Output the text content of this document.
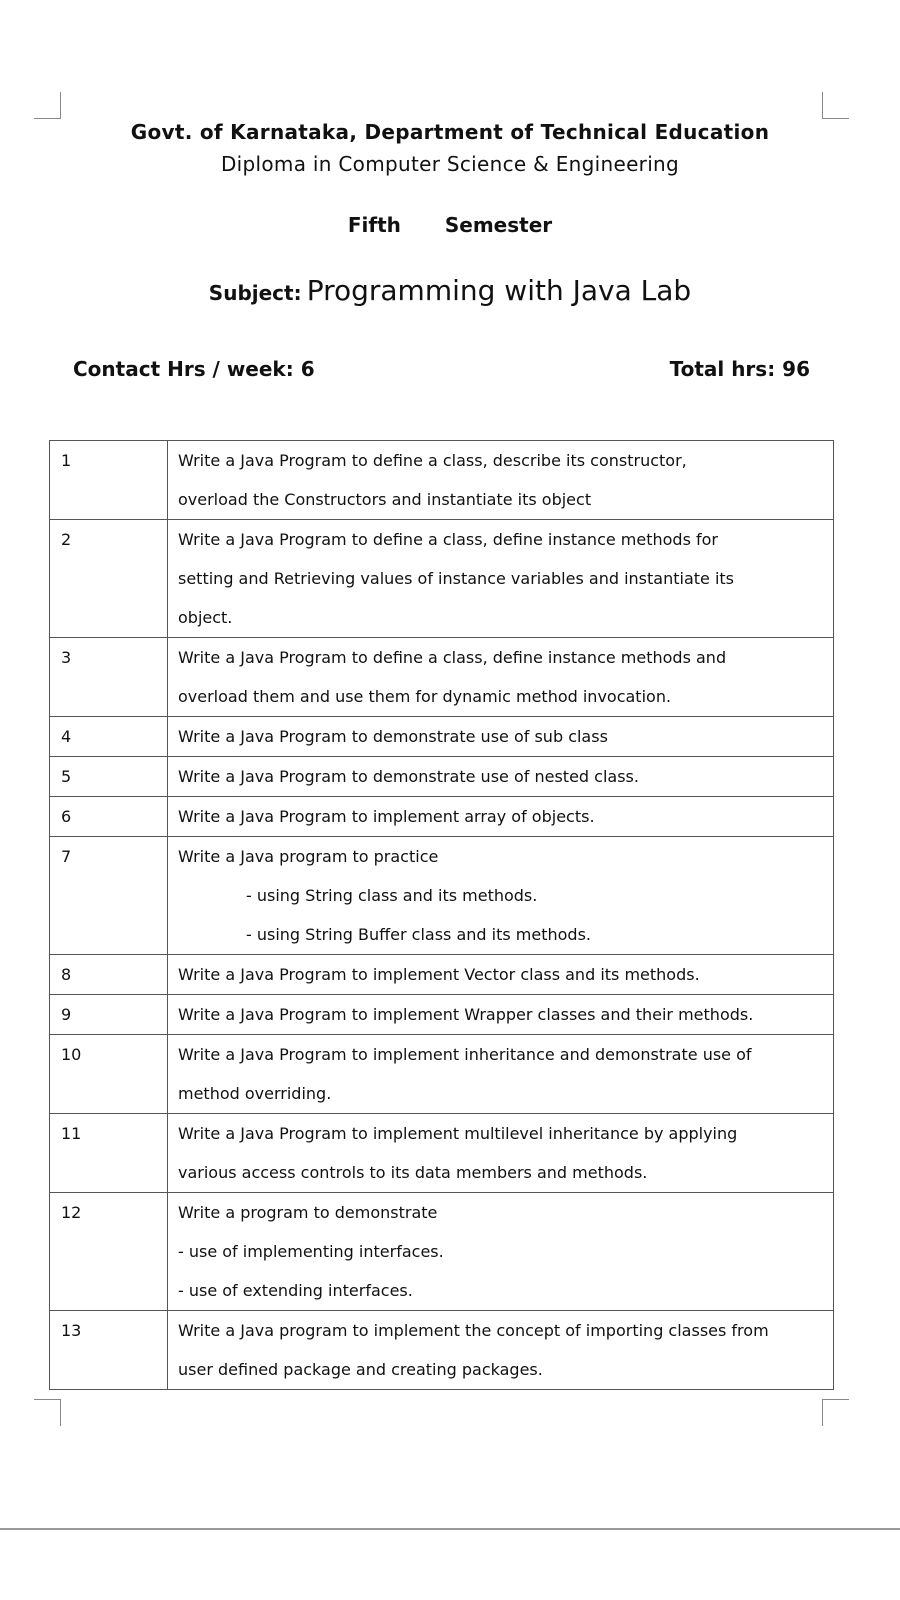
Govt. of Karnataka, Department of Technical Education
Diploma in Computer Science & Engineering
Fifth Semester
Subject: Programming with Java Lab
Contact Hrs / week: 6	Total hrs: 96
1	Write a Java Program to define a class, describe its constructor,
overload the Constructors and instantiate its object

2	Write a Java Program to define a class, define instance methods for
setting and Retrieving values of instance variables and instantiate its
object.

3	Write a Java Program to define a class, define instance methods and
overload them and use them for dynamic method invocation.

4	Write a Java Program to demonstrate use of sub class

5	Write a Java Program to demonstrate use of nested class.

6	Write a Java Program to implement array of objects.

7	Write a Java program to practice
- using String class and its methods.
- using String Buffer class and its methods.

8	Write a Java Program to implement Vector class and its methods.

9	Write a Java Program to implement Wrapper classes and their methods.

10	Write a Java Program to implement inheritance and demonstrate use of
method overriding.

11	Write a Java Program to implement multilevel inheritance by applying
various access controls to its data members and methods.

12	Write a program to demonstrate
- use of implementing interfaces.
- use of extending interfaces.

13	Write a Java program to implement the concept of importing classes from
user defined package and creating packages.
